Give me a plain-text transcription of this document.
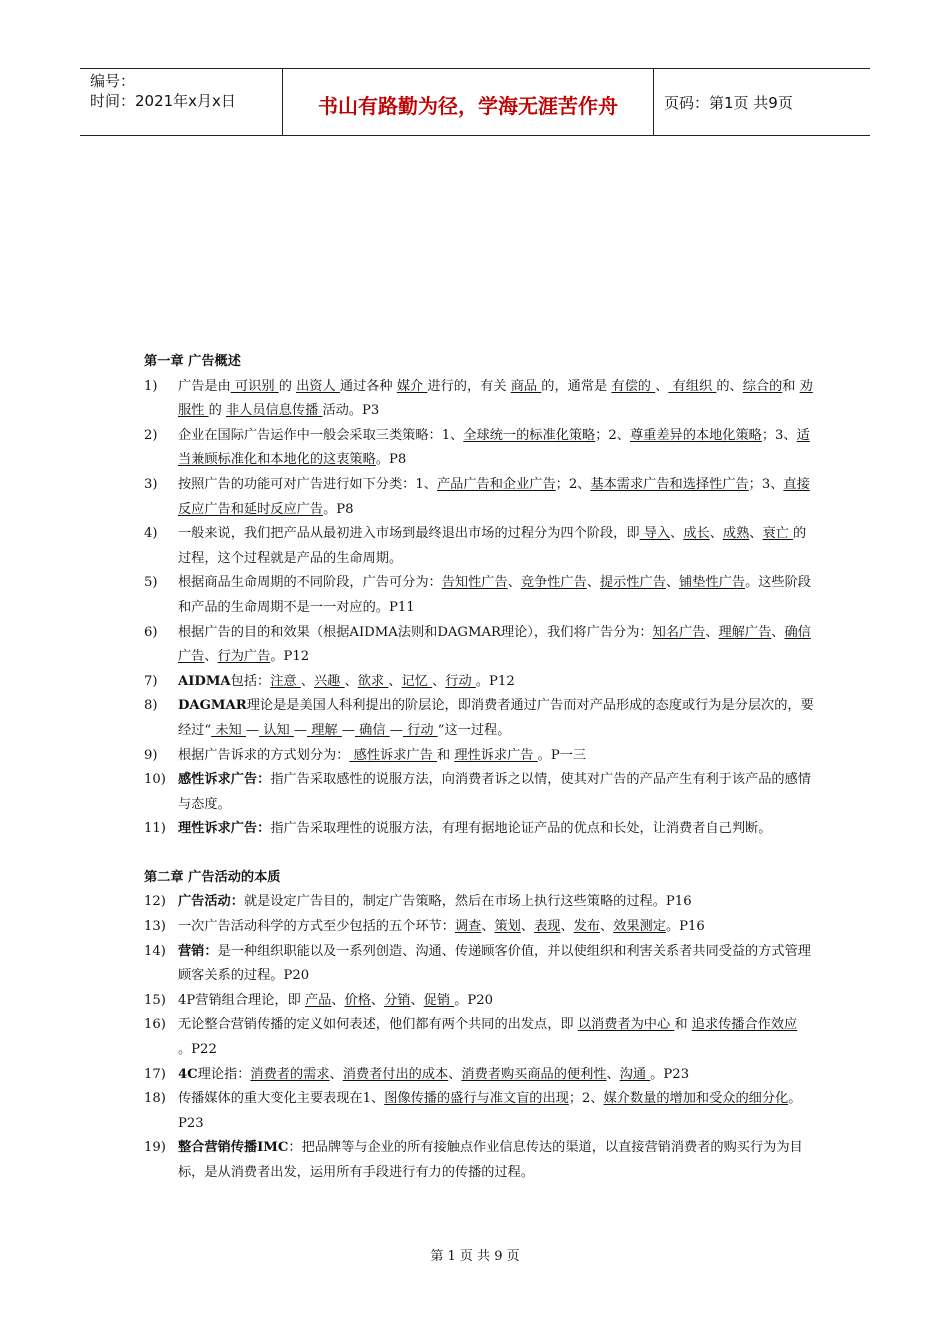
编号：
时间：2021年x月x日	书山有路勤为径，学海无涯苦作舟	页码：第1页 共9页

第一章 广告概述

1) 广告是由 可识别 的 出资人 通过各种 媒介 进行的，有关 商品 的，通常是 有偿的 、 有组织 的、综合的和 劝服性 的 非人员信息传播 活动。P3
2) 企业在国际广告运作中一般会采取三类策略：1、全球统一的标准化策略；2、尊重差异的本地化策略；3、适当兼顾标准化和本地化的这衷策略。P8
3) 按照广告的功能可对广告进行如下分类：1、产品广告和企业广告；2、基本需求广告和选择性广告；3、直接反应广告和延时反应广告。P8
4) 一般来说，我们把产品从最初进入市场到最终退出市场的过程分为四个阶段，即 导入、成长、成熟、衰亡 的过程，这个过程就是产品的生命周期。
5) 根据商品生命周期的不同阶段，广告可分为：告知性广告、竞争性广告、提示性广告、铺垫性广告。这些阶段和产品的生命周期不是一一对应的。P11
6) 根据广告的目的和效果（根据AIDMA法则和DAGMAR理论），我们将广告分为：知名广告、理解广告、确信广告、行为广告。P12
7) AIDMA包括：注意 、兴趣 、欲求 、记忆 、行动 。P12
8) DAGMAR理论是是美国人科利提出的阶层论，即消费者通过广告而对产品形成的态度或行为是分层次的，要经过“ 未知 — 认知 — 理解 — 确信 — 行动 ”这一过程。
9) 根据广告诉求的方式划分为： 感性诉求广告 和 理性诉求广告 。P一三
10) 感性诉求广告：指广告采取感性的说服方法，向消费者诉之以情，使其对广告的产品产生有利于该产品的感情与态度。
11) 理性诉求广告：指广告采取理性的说服方法，有理有据地论证产品的优点和长处，让消费者自己判断。

第二章 广告活动的本质

12) 广告活动：就是设定广告目的，制定广告策略，然后在市场上执行这些策略的过程。P16
13) 一次广告活动科学的方式至少包括的五个环节：调查、策划、表现、发布、效果测定。P16
14) 营销：是一种组织职能以及一系列创造、沟通、传递顾客价值，并以使组织和利害关系者共同受益的方式管理顾客关系的过程。P20
15) 4P营销组合理论，即 产品、价格、分销、促销 。P20
16) 无论整合营销传播的定义如何表述，他们都有两个共同的出发点，即 以消费者为中心 和 追求传播合作效应 。P22
17) 4C理论指：消费者的需求、消费者付出的成本、消费者购买商品的便利性、沟通 。P23
18) 传播媒体的重大变化主要表现在1、图像传播的盛行与准文盲的出现；2、媒介数量的增加和受众的细分化。P23
19) 整合营销传播IMC：把品牌等与企业的所有接触点作业信息传达的渠道，以直接营销消费者的购买行为为目标，是从消费者出发，运用所有手段进行有力的传播的过程。
第 1 页 共 9 页
